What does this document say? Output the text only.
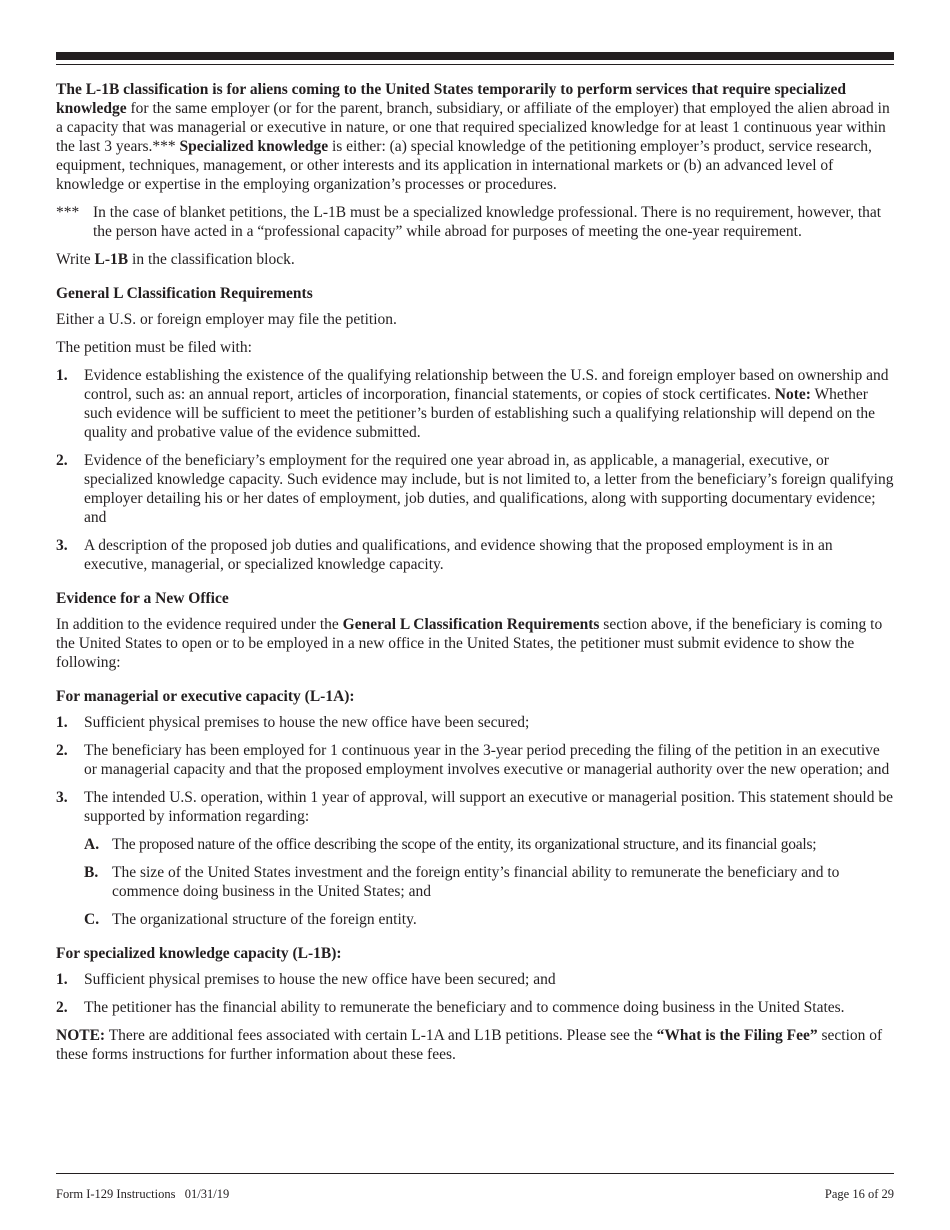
The L-1B classification is for aliens coming to the United States temporarily to perform services that require specialized knowledge for the same employer (or for the parent, branch, subsidiary, or affiliate of the employer) that employed the alien abroad in a capacity that was managerial or executive in nature, or one that required specialized knowledge for at least 1 continuous year within the last 3 years.*** Specialized knowledge is either: (a) special knowledge of the petitioning employer’s product, service research, equipment, techniques, management, or other interests and its application in international markets or (b) an advanced level of knowledge or expertise in the employing organization’s processes or procedures.

*** In the case of blanket petitions, the L-1B must be a specialized knowledge professional. There is no requirement, however, that the person have acted in a “professional capacity” while abroad for purposes of meeting the one-year requirement.

Write L-1B in the classification block.

General L Classification Requirements

Either a U.S. or foreign employer may file the petition.

The petition must be filed with:

1.	Evidence establishing the existence of the qualifying relationship between the U.S. and foreign employer based on ownership and control, such as: an annual report, articles of incorporation, financial statements, or copies of stock certificates. Note: Whether such evidence will be sufficient to meet the petitioner’s burden of establishing such a qualifying relationship will depend on the quality and probative value of the evidence submitted.
2.	Evidence of the beneficiary’s employment for the required one year abroad in, as applicable, a managerial, executive, or specialized knowledge capacity. Such evidence may include, but is not limited to, a letter from the beneficiary’s foreign qualifying employer detailing his or her dates of employment, job duties, and qualifications, along with supporting documentary evidence; and
3.	A description of the proposed job duties and qualifications, and evidence showing that the proposed employment is in an executive, managerial, or specialized knowledge capacity.
Evidence for a New Office

In addition to the evidence required under the General L Classification Requirements section above, if the beneficiary is coming to the United States to open or to be employed in a new office in the United States, the petitioner must submit evidence to show the following:

For managerial or executive capacity (L-1A):
1.	Sufficient physical premises to house the new office have been secured;
2.	The beneficiary has been employed for 1 continuous year in the 3-year period preceding the filing of the petition in an executive or managerial capacity and that the proposed employment involves executive or managerial authority over the new operation; and
3.	The intended U.S. operation, within 1 year of approval, will support an executive or managerial position. This statement should be supported by information regarding:
A. The proposed nature of the office describing the scope of the entity, its organizational structure, and its financial goals;
B. The size of the United States investment and the foreign entity’s financial ability to remunerate the beneficiary and to commence doing business in the United States; and
C. The organizational structure of the foreign entity.
For specialized knowledge capacity (L-1B):
1.	Sufficient physical premises to house the new office have been secured; and
2.	The petitioner has the financial ability to remunerate the beneficiary and to commence doing business in the United States.

NOTE: There are additional fees associated with certain L-1A and L1B petitions. Please see the “What is the Filing Fee” section of these forms instructions for further information about these fees.

Form I-129 Instructions   01/31/19	Page 16 of 29
